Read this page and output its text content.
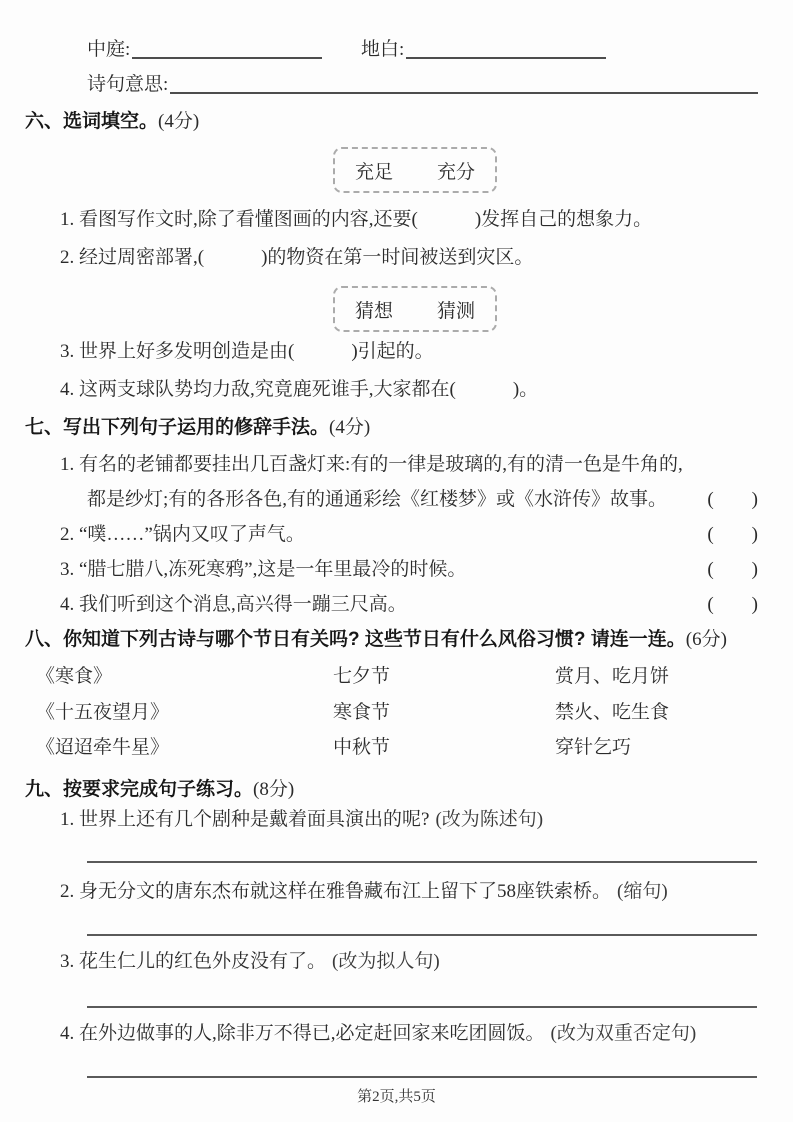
中庭:	地白:
诗句意思:
六、选词填空。(4分)
充足 充分
1. 看图写作文时,除了看懂图画的内容,还要(　　　)发挥自己的想象力。
2. 经过周密部署,(　　　)的物资在第一时间被送到灾区。
猜想 猜测
3. 世界上好多发明创造是由(　　　)引起的。
4. 这两支球队势均力敌,究竟鹿死谁手,大家都在(　　　)。
七、写出下列句子运用的修辞手法。(4分)
1. 有名的老铺都要挂出几百盏灯来:有的一律是玻璃的,有的清一色是牛角的,
都是纱灯;有的各形各色,有的通通彩绘《红楼梦》或《水浒传》故事。 (　　)
2. “噗……”锅内又叹了声气。	(　　)
3. “腊七腊八,冻死寒鸦”,这是一年里最冷的时候。	(　　)
4. 我们听到这个消息,高兴得一蹦三尺高。	(　　)
八、你知道下列古诗与哪个节日有关吗? 这些节日有什么风俗习惯? 请连一连。(6分)
《寒食》	七夕节	赏月、吃月饼
《十五夜望月》	寒食节	禁火、吃生食
《迢迢牵牛星》	中秋节	穿针乞巧
九、按要求完成句子练习。(8分)
1. 世界上还有几个剧种是戴着面具演出的呢? (改为陈述句)
2. 身无分文的唐东杰布就这样在雅鲁藏布江上留下了58座铁索桥。 (缩句)
3. 花生仁儿的红色外皮没有了。 (改为拟人句)
4. 在外边做事的人,除非万不得已,必定赶回家来吃团圆饭。 (改为双重否定句)
第2页,共5页
